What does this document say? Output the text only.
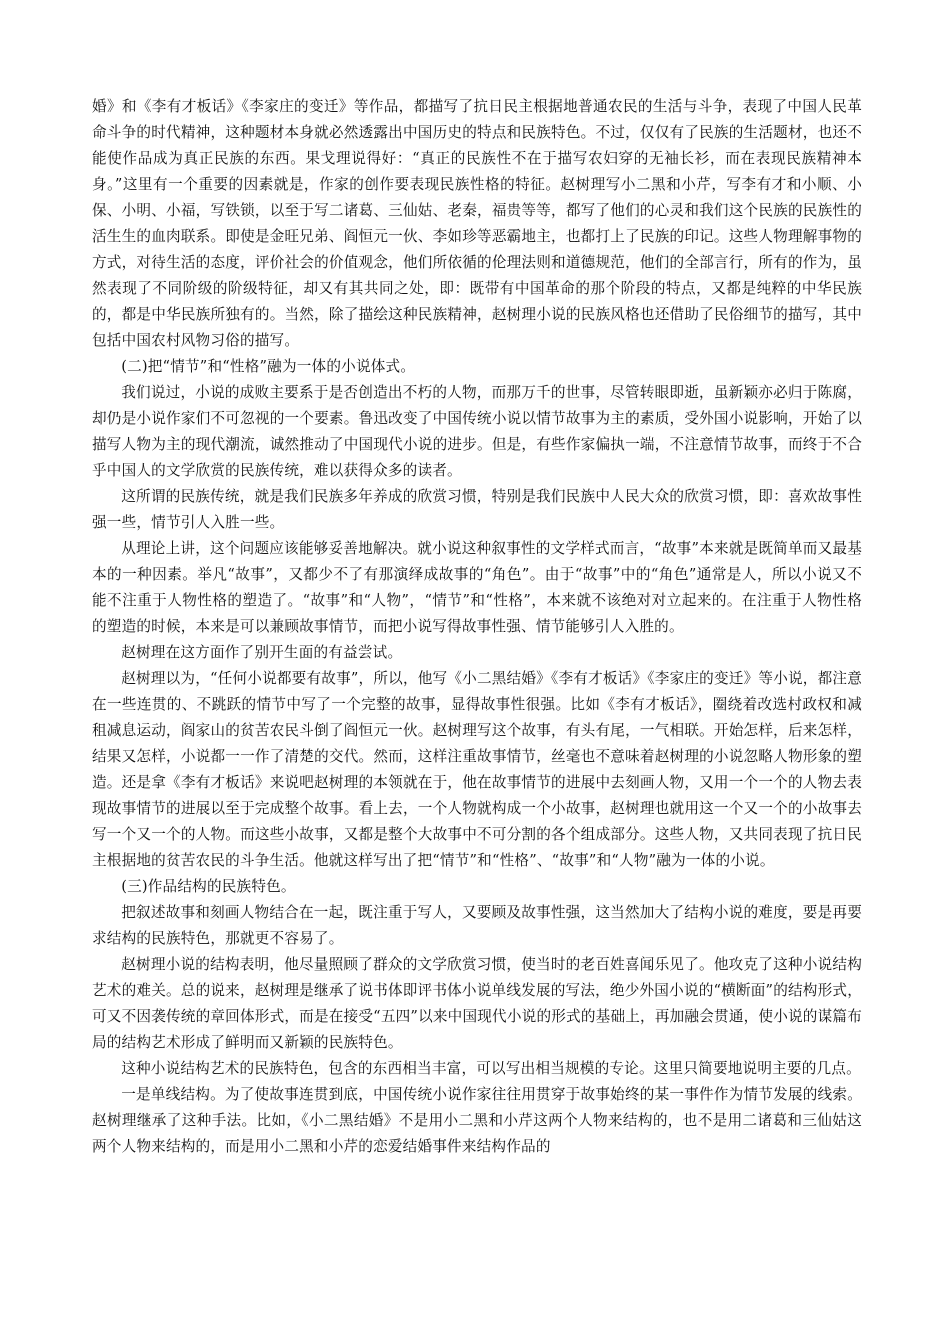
婚》和《李有才板话》《李家庄的变迁》等作品，都描写了抗日民主根据地普通农民的生活与斗争，表现了中国人民革命斗争的时代精神，这种题材本身就必然透露出中国历史的特点和民族特色。不过，仅仅有了民族的生活题材，也还不能使作品成为真正民族的东西。果戈理说得好：“真正的民族性不在于描写农妇穿的无袖长衫，而在表现民族精神本身。”这里有一个重要的因素就是，作家的创作要表现民族性格的特征。赵树理写小二黑和小芹，写李有才和小顺、小保、小明、小福，写铁锁，以至于写二诸葛、三仙姑、老秦，福贵等等，都写了他们的心灵和我们这个民族的民族性的活生生的血肉联系。即使是金旺兄弟、阎恒元一伙、李如珍等恶霸地主，也都打上了民族的印记。这些人物理解事物的方式，对待生活的态度，评价社会的价值观念，他们所依循的伦理法则和道德规范，他们的全部言行，所有的作为，虽然表现了不同阶级的阶级特征，却又有其共同之处，即：既带有中国革命的那个阶段的特点，又都是纯粹的中华民族的，都是中华民族所独有的。当然，除了描绘这种民族精神，赵树理小说的民族风格也还借助了民俗细节的描写，其中包括中国农村风物习俗的描写。

(二)把“情节”和“性格”融为一体的小说体式。

我们说过，小说的成败主要系于是否创造出不朽的人物，而那万千的世事，尽管转眼即逝，虽新颖亦必归于陈腐，却仍是小说作家们不可忽视的一个要素。鲁迅改变了中国传统小说以情节故事为主的素质，受外国小说影响，开始了以描写人物为主的现代潮流，诚然推动了中国现代小说的进步。但是，有些作家偏执一端，不注意情节故事，而终于不合乎中国人的文学欣赏的民族传统，难以获得众多的读者。

这所谓的民族传统，就是我们民族多年养成的欣赏习惯，特别是我们民族中人民大众的欣赏习惯，即：喜欢故事性强一些，情节引人入胜一些。

从理论上讲，这个问题应该能够妥善地解决。就小说这种叙事性的文学样式而言，“故事”本来就是既简单而又最基本的一种因素。举凡“故事”，又都少不了有那演绎成故事的“角色”。由于“故事”中的“角色”通常是人，所以小说又不能不注重于人物性格的塑造了。“故事”和“人物”，“情节”和“性格”，本来就不该绝对对立起来的。在注重于人物性格的塑造的时候，本来是可以兼顾故事情节，而把小说写得故事性强、情节能够引人入胜的。

赵树理在这方面作了别开生面的有益尝试。

赵树理以为，“任何小说都要有故事”，所以，他写《小二黑结婚》《李有才板话》《李家庄的变迁》等小说，都注意在一些连贯的、不跳跃的情节中写了一个完整的故事，显得故事性很强。比如《李有才板话》，圈绕着改选村政权和减租减息运动，阎家山的贫苦农民斗倒了阎恒元一伙。赵树理写这个故事，有头有尾，一气相联。开始怎样，后来怎样，结果又怎样，小说都一一作了清楚的交代。然而，这样注重故事情节，丝毫也不意味着赵树理的小说忽略人物形象的塑造。还是拿《李有才板话》来说吧赵树理的本领就在于，他在故事情节的进展中去刻画人物，又用一个一个的人物去表现故事情节的进展以至于完成整个故事。看上去，一个人物就构成一个小故事，赵树理也就用这一个又一个的小故事去写一个又一个的人物。而这些小故事，又都是整个大故事中不可分割的各个组成部分。这些人物，又共同表现了抗日民主根据地的贫苦农民的斗争生活。他就这样写出了把“情节”和“性格”、“故事”和“人物”融为一体的小说。

(三)作品结构的民族特色。

把叙述故事和刻画人物结合在一起，既注重于写人，又要顾及故事性强，这当然加大了结构小说的难度，要是再要求结构的民族特色，那就更不容易了。

赵树理小说的结构表明，他尽量照顾了群众的文学欣赏习惯，使当时的老百姓喜闻乐见了。他攻克了这种小说结构艺术的难关。总的说来，赵树理是继承了说书体即评书体小说单线发展的写法，绝少外国小说的“横断面”的结构形式，可又不因袭传统的章回体形式，而是在接受“五四”以来中国现代小说的形式的基础上，再加融会贯通，使小说的谋篇布局的结构艺术形成了鲜明而又新颖的民族特色。

这种小说结构艺术的民族特色，包含的东西相当丰富，可以写出相当规模的专论。这里只简要地说明主要的几点。

一是单线结构。为了使故事连贯到底，中国传统小说作家往往用贯穿于故事始终的某一事件作为情节发展的线索。赵树理继承了这种手法。比如，《小二黑结婚》不是用小二黑和小芹这两个人物来结构的，也不是用二诸葛和三仙姑这两个人物来结构的，而是用小二黑和小芹的恋爱结婚事件来结构作品的
